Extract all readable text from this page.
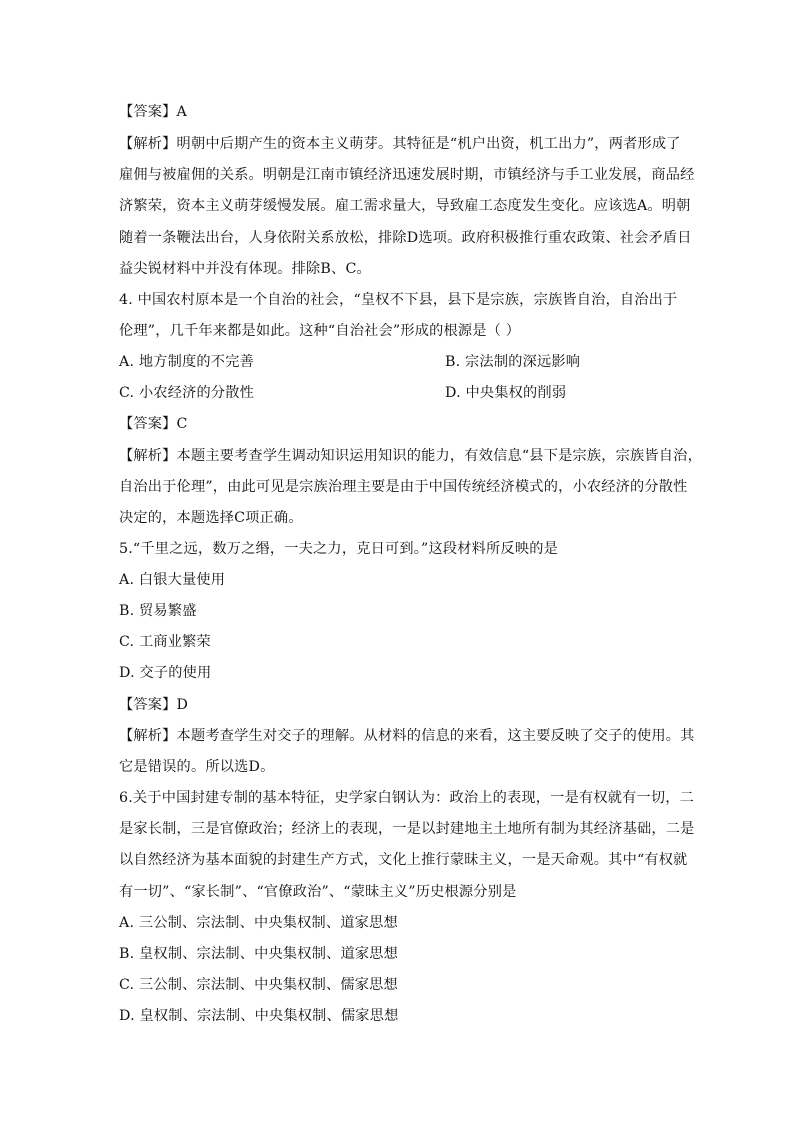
【答案】A
【解析】明朝中后期产生的资本主义萌芽。其特征是“机户出资，机工出力”，两者形成了
雇佣与被雇佣的关系。明朝是江南市镇经济迅速发展时期，市镇经济与手工业发展，商品经
济繁荣，资本主义萌芽缓慢发展。雇工需求量大，导致雇工态度发生变化。应该选A。明朝
随着一条鞭法出台，人身依附关系放松，排除D选项。政府积极推行重农政策、社会矛盾日
益尖锐材料中并没有体现。排除B、C。
4. 中国农村原本是一个自治的社会，“皇权不下县，县下是宗族，宗族皆自治，自治出于
伦理”，几千年来都是如此。这种“自治社会”形成的根源是（ ）
A. 地方制度的不完善	B. 宗法制的深远影响
C. 小农经济的分散性	D. 中央集权的削弱
【答案】C
【解析】本题主要考查学生调动知识运用知识的能力，有效信息“县下是宗族，宗族皆自治，
自治出于伦理”，由此可见是宗族治理主要是由于中国传统经济模式的，小农经济的分散性
决定的，本题选择C项正确。
5.“千里之远，数万之缗，一夫之力，克日可到。”这段材料所反映的是
A. 白银大量使用
B. 贸易繁盛
C. 工商业繁荣
D. 交子的使用
【答案】D
【解析】本题考查学生对交子的理解。从材料的信息的来看，这主要反映了交子的使用。其
它是错误的。所以选D。
6.关于中国封建专制的基本特征，史学家白钢认为：政治上的表现，一是有权就有一切，二
是家长制，三是官僚政治；经济上的表现，一是以封建地主土地所有制为其经济基础，二是
以自然经济为基本面貌的封建生产方式，文化上推行蒙昧主义，一是天命观。其中“有权就
有一切”、“家长制”、“官僚政治”、“蒙昧主义”历史根源分别是
A. 三公制、宗法制、中央集权制、道家思想
B. 皇权制、宗法制、中央集权制、道家思想
C. 三公制、宗法制、中央集权制、儒家思想
D. 皇权制、宗法制、中央集权制、儒家思想
